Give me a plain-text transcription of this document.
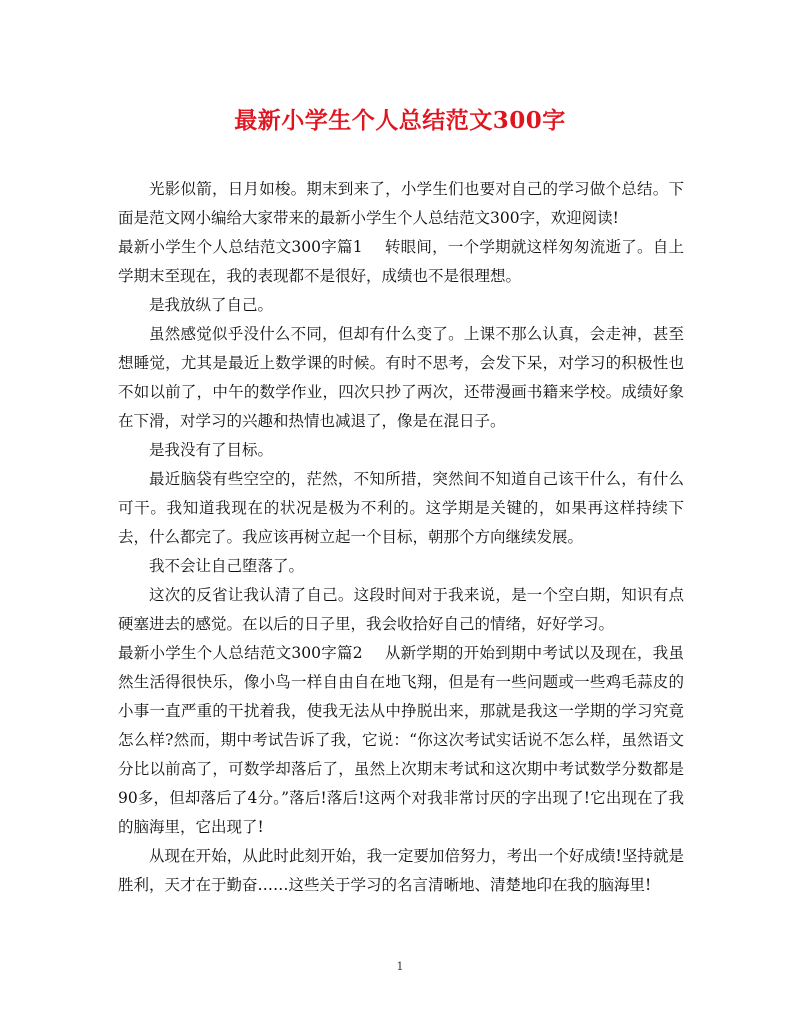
最新小学生个人总结范文300字

光影似箭，日月如梭。期末到来了，小学生们也要对自己的学习做个总结。下面是范文网小编给大家带来的最新小学生个人总结范文300字，欢迎阅读!

最新小学生个人总结范文300字篇1 转眼间，一个学期就这样匆匆流逝了。自上学期末至现在，我的表现都不是很好，成绩也不是很理想。

是我放纵了自己。

虽然感觉似乎没什么不同，但却有什么变了。上课不那么认真，会走神，甚至想睡觉，尤其是最近上数学课的时候。有时不思考，会发下呆，对学习的积极性也不如以前了，中午的数学作业，四次只抄了两次，还带漫画书籍来学校。成绩好象在下滑，对学习的兴趣和热情也减退了，像是在混日子。

是我没有了目标。

最近脑袋有些空空的，茫然，不知所措，突然间不知道自己该干什么，有什么可干。我知道我现在的状况是极为不利的。这学期是关键的，如果再这样持续下去，什么都完了。我应该再树立起一个目标，朝那个方向继续发展。

我不会让自己堕落了。

这次的反省让我认清了自己。这段时间对于我来说，是一个空白期，知识有点硬塞进去的感觉。在以后的日子里，我会收拾好自己的情绪，好好学习。

最新小学生个人总结范文300字篇2 从新学期的开始到期中考试以及现在，我虽然生活得很快乐，像小鸟一样自由自在地飞翔，但是有一些问题或一些鸡毛蒜皮的小事一直严重的干扰着我，使我无法从中挣脱出来，那就是我这一学期的学习究竟怎么样?然而，期中考试告诉了我，它说：“你这次考试实话说不怎么样，虽然语文分比以前高了，可数学却落后了，虽然上次期末考试和这次期中考试数学分数都是90多，但却落后了4分。”落后!落后!这两个对我非常讨厌的字出现了!它出现在了我的脑海里，它出现了!

从现在开始，从此时此刻开始，我一定要加倍努力，考出一个好成绩!坚持就是胜利，天才在于勤奋……这些关于学习的名言清晰地、清楚地印在我的脑海里!

1
